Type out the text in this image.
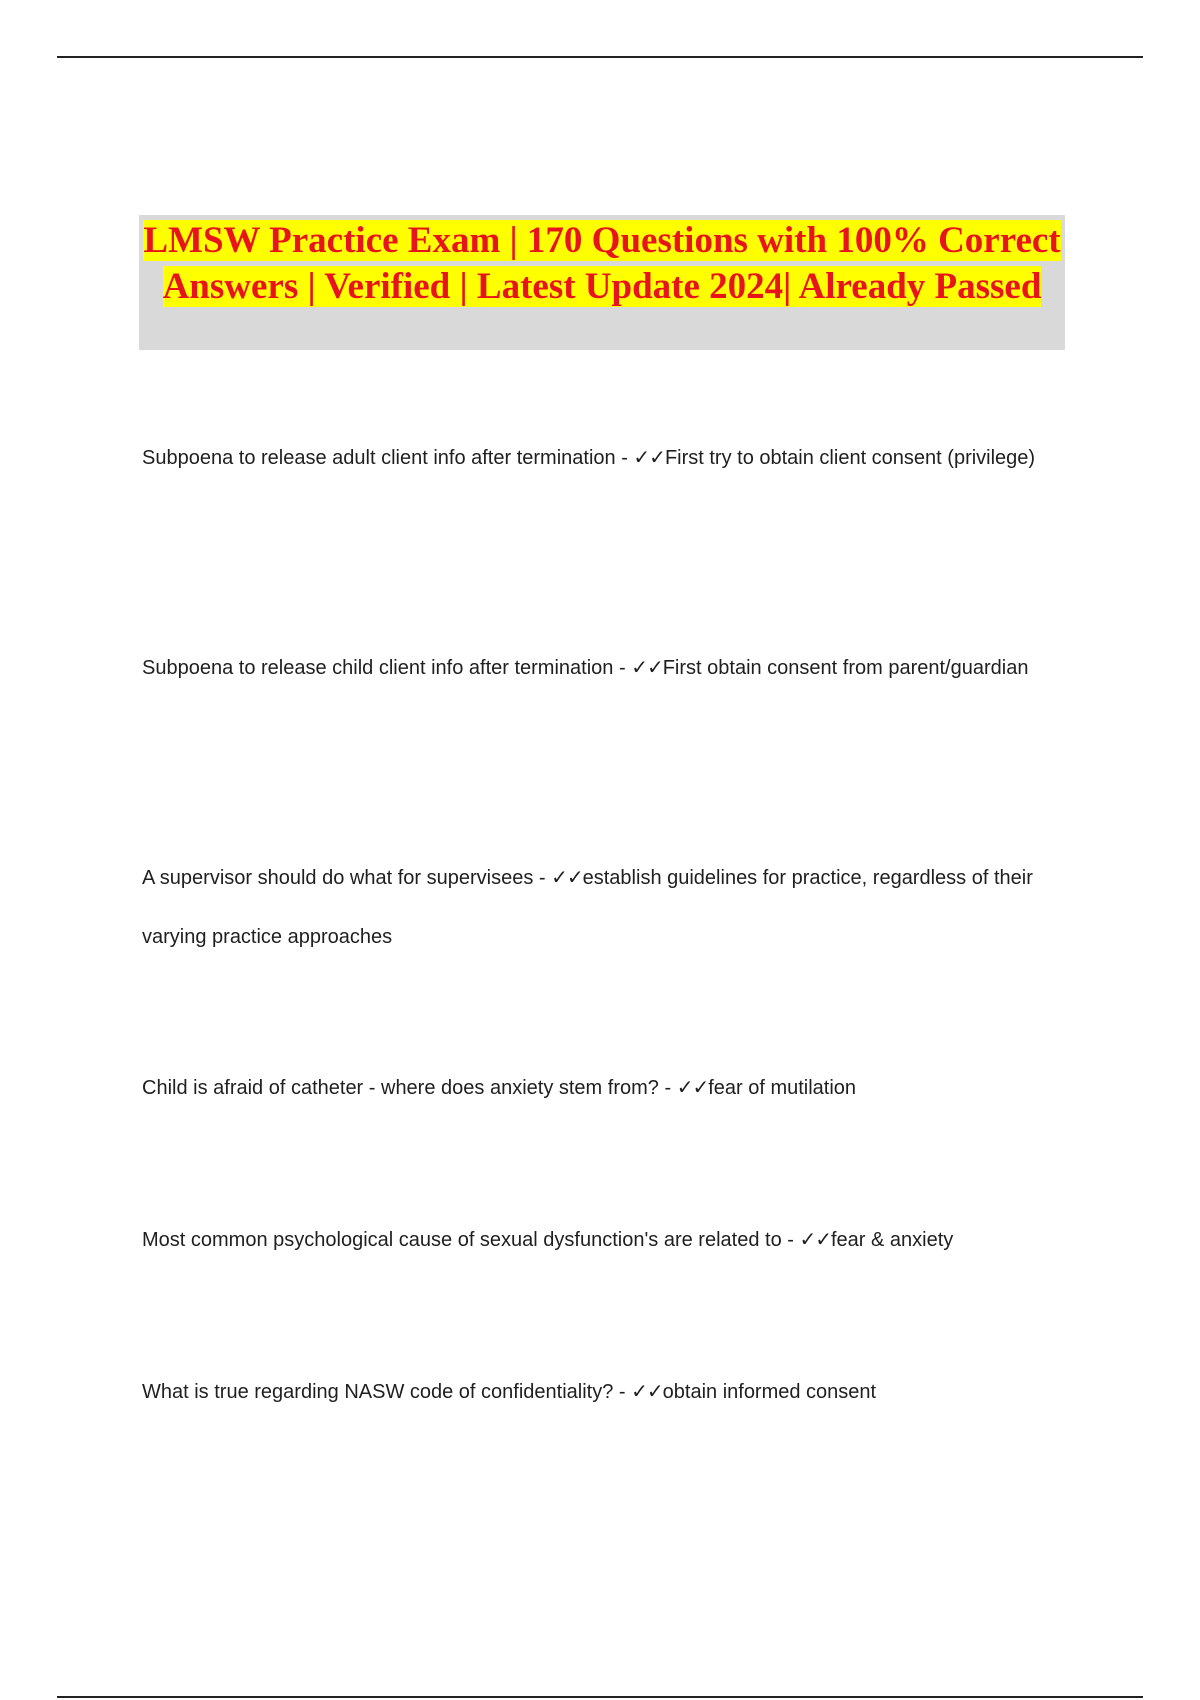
LMSW Practice Exam | 170 Questions with 100% Correct Answers | Verified | Latest Update 2024| Already Passed

Subpoena to release adult client info after termination - ✓✓First try to obtain client consent (privilege)

Subpoena to release child client info after termination - ✓✓First obtain consent from parent/guardian

A supervisor should do what for supervisees - ✓✓establish guidelines for practice, regardless of their varying practice approaches

Child is afraid of catheter - where does anxiety stem from? - ✓✓fear of mutilation

Most common psychological cause of sexual dysfunction's are related to - ✓✓fear & anxiety

What is true regarding NASW code of confidentiality? - ✓✓obtain informed consent
